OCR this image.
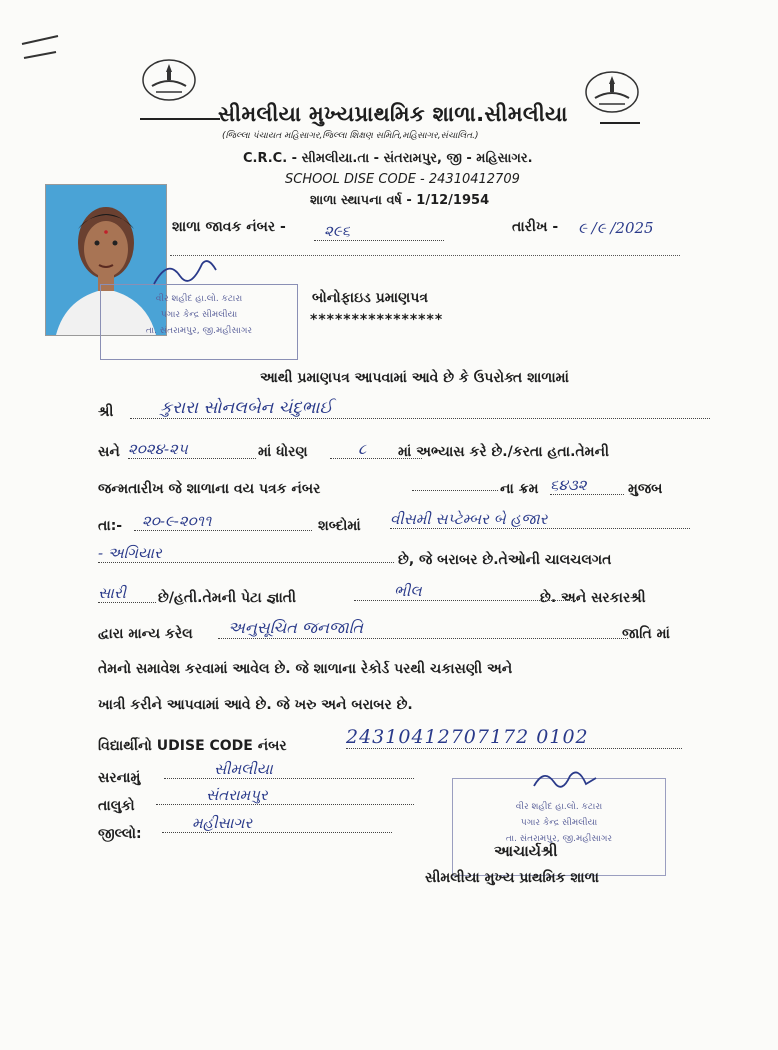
સીમલીયા મુખ્યપ્રાથમિક શાળા.સીમલીયા
(જિલ્લા પંચાયત મહિસાગર,જિલ્લા શિક્ષણ સમિતિ,મહિસાગર,સંચાલિત.)
C.R.C. - સીમલીયા.તા - સંતરામપુર, જી - મહિસાગર.
SCHOOL DISE CODE - 24310412709
શાળા સ્થાપના વર્ષ - 1/12/1954
વીર શહીદ હા.લો. કટારા
પગાર કેન્દ્ર સીમલીયા
તા. સંતરામપુર, જી.મહીસાગર
શાળા જાવક નંબર -	૨૯૬	તારીખ - ૯ /૯ /2025
બોનોફાઇડ પ્રમાણપત્ર
****************
આથી પ્રમાણપત્ર આપવામાં આવે છે કે ઉપરોક્ત શાળામાં
શ્રી	કુરારા સોનલબેન ચંદુભાઈ
સને ૨૦૨૪-૨૫	માં ધોરણ	૮	માં અભ્યાસ કરે છે./કરતા હતા.તેમની
જન્મતારીખ જે શાળાના વય પત્રક નંબર	ના ક્રમ ૬૪૩૨	મુજબ
તા:-	૨૦-૯-૨૦૧૧	શબ્દોમાં વીસમી સપ્ટેમ્બર બે હજાર
- અગિયાર	છે, જે બરાબર છે.તેઓની ચાલચલગત
સારી	છે/હતી.તેમની પેટા જ્ઞાતી	ભીલ	છે. અને સરકારશ્રી
દ્વારા માન્ય કરેલ	અનુસૂચિત જનજાતિ	જાતિ માં
તેમનો સમાવેશ કરવામાં આવેલ છે. જે શાળાના રેકોર્ડ પરથી ચકાસણી અને
ખાત્રી કરીને આપવામાં આવે છે. જે ખરુ અને બરાબર છે.
વિદ્યાર્થીનો UDISE CODE નંબર	24310412707172 0102
સરનામું	સીમલીયા
તાલુકો
સંતરામપુર
જીલ્લો:
મહીસાગર
વીર શહીદ હા.લો. કટારા
પગાર કેન્દ્ર સીમલીયા
તા. સંતરામપુર, જી.મહીસાગર
આચાર્યશ્રી
સીમલીયા મુખ્ય પ્રાથમિક શાળા
